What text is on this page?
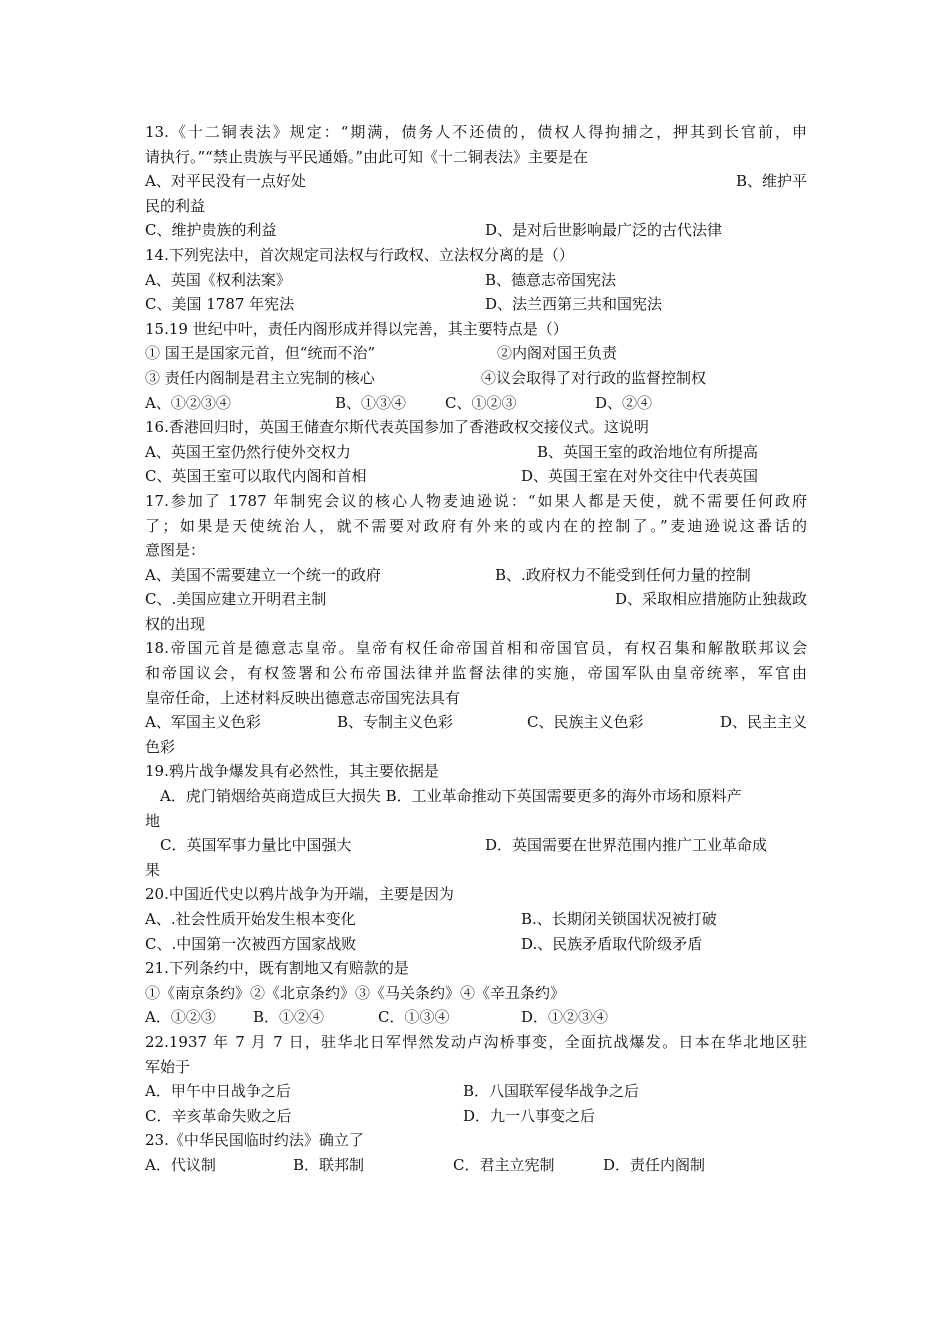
13.《十二铜表法》规定：“期满，债务人不还债的，债权人得拘捕之，押其到长官前，申
请执行。”“禁止贵族与平民通婚。”由此可知《十二铜表法》主要是在
A、对平民没有一点好处	B、维护平
民的利益
C、维护贵族的利益	D、是对后世影响最广泛的古代法律
14.下列宪法中，首次规定司法权与行政权、立法权分离的是（）
A、英国《权利法案》	B、德意志帝国宪法
C、美国 1787 年宪法	D、法兰西第三共和国宪法
15.19 世纪中叶，责任内阁形成并得以完善，其主要特点是（）
① 国王是国家元首，但“统而不治”	②内阁对国王负责
③ 责任内阁制是君主立宪制的核心	④议会取得了对行政的监督控制权
A、①②③④	B、①③④	C、①②③	D、②④
16.香港回归时，英国王储查尔斯代表英国参加了香港政权交接仪式。这说明
A、英国王室仍然行使外交权力	B、英国王室的政治地位有所提高
C、英国王室可以取代内阁和首相	D、英国王室在对外交往中代表英国
17.参加了 1787 年制宪会议的核心人物麦迪逊说：“如果人都是天使，就不需要任何政府
了；如果是天使统治人，就不需要对政府有外来的或内在的控制了。”麦迪逊说这番话的
意图是：
A、美国不需要建立一个统一的政府	B、.政府权力不能受到任何力量的控制
C、.美国应建立开明君主制	D、采取相应措施防止独裁政
权的出现
18.帝国元首是德意志皇帝。皇帝有权任命帝国首相和帝国官员，有权召集和解散联邦议会
和帝国议会，有权签署和公布帝国法律并监督法律的实施，帝国军队由皇帝统率，军官由
皇帝任命，上述材料反映出德意志帝国宪法具有
A、军国主义色彩	B、专制主义色彩	C、民族主义色彩	D、民主主义
色彩
19.鸦片战争爆发具有必然性，其主要依据是
A．虎门销烟给英商造成巨大损失 B．工业革命推动下英国需要更多的海外市场和原料产
地
C．英国军事力量比中国强大	D．英国需要在世界范围内推广工业革命成
果
20.中国近代史以鸦片战争为开端，主要是因为
A、.社会性质开始发生根本变化	B.、长期闭关锁国状况被打破
C、.中国第一次被西方国家战败	D.、民族矛盾取代阶级矛盾
21.下列条约中，既有割地又有赔款的是
①《南京条约》②《北京条约》③《马关条约》④《辛丑条约》
A．①②③ B．①②④	C．①③④	D．①②③④
22.1937 年 7 月 7 日，驻华北日军悍然发动卢沟桥事变，全面抗战爆发。日本在华北地区驻
军始于
A．甲午中日战争之后	B．八国联军侵华战争之后
C．辛亥革命失败之后	D．九一八事变之后
23.《中华民国临时约法》确立了
A．代议制	B．联邦制	C．君主立宪制	D．责任内阁制
